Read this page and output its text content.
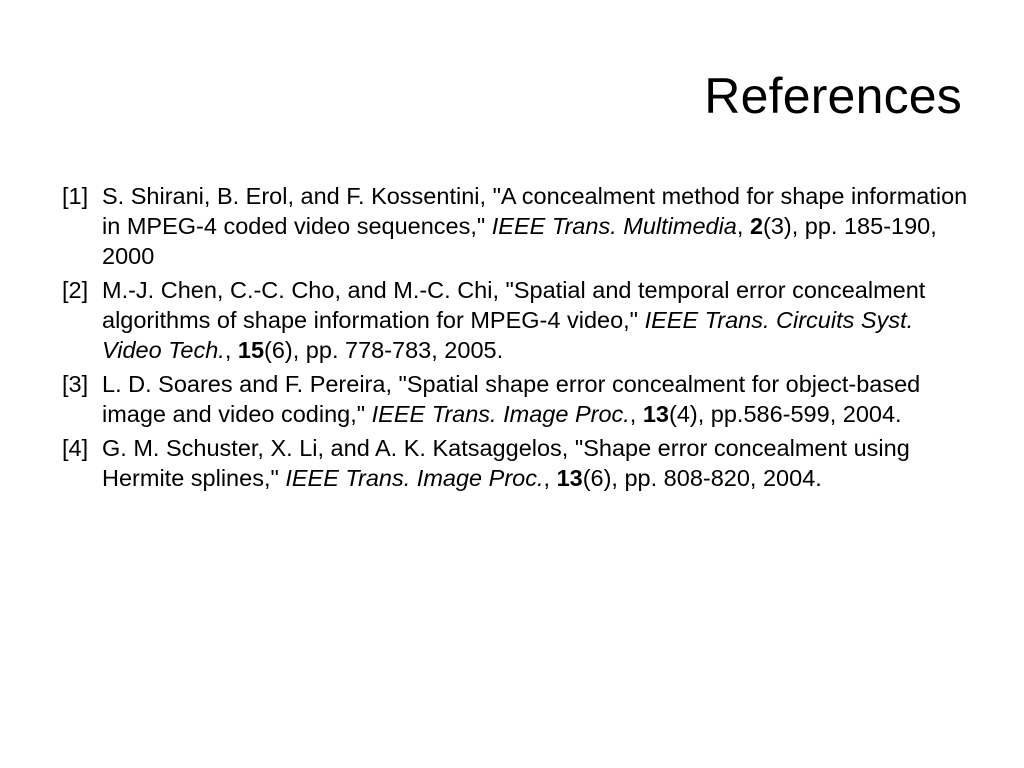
References
[1] S. Shirani, B. Erol, and F. Kossentini, "A concealment method for shape information in MPEG-4 coded video sequences," IEEE Trans. Multimedia, 2(3), pp. 185-190, 2000
[2] M.-J. Chen, C.-C. Cho, and M.-C. Chi, "Spatial and temporal error concealment algorithms of shape information for MPEG-4 video," IEEE Trans. Circuits Syst. Video Tech., 15(6), pp. 778-783, 2005.
[3] L. D. Soares and F. Pereira, "Spatial shape error concealment for object-based image and video coding," IEEE Trans. Image Proc., 13(4), pp.586-599, 2004.
[4] G. M. Schuster, X. Li, and A. K. Katsaggelos, "Shape error concealment using Hermite splines," IEEE Trans. Image Proc., 13(6), pp. 808-820, 2004.
